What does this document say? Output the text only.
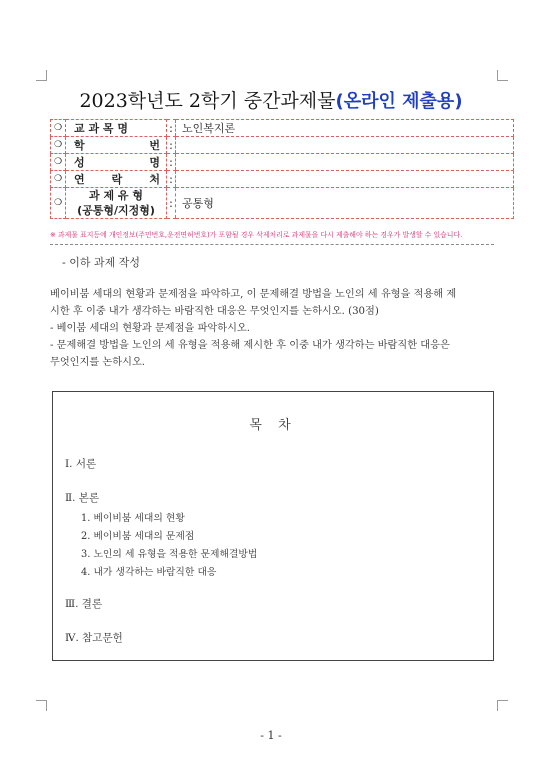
2023학년도 2학기 중간과제물(온라인 제출용)
❍	교 과 목 명	:	노인복지론
❍	학 번	:	
❍	성 명	:	
❍	연 락 처	:	
❍	과 제 유 형
(공통형/지정형)	:	공통형
※ 과제물 표지등에 개인정보(주민번호,운전면허번호)가 포함될 경우 삭제처리로 과제물을 다시 제출해야 하는 경우가 발생할 수 있습니다.
- 이하 과제 작성

베이비붐 세대의 현황과 문제점을 파악하고, 이 문제해결 방법을 노인의 세 유형을 적용해 제

시한 후 이중 내가 생각하는 바람직한 대응은 무엇인지를 논하시오. (30점)

- 베이붐 세대의 현황과 문제점을 파악하시오.

- 문제해결 방법을 노인의 세 유형을 적용해 제시한 후 이중 내가 생각하는 바람직한 대응은

무엇인지를 논하시오.

목 차
Ⅰ. 서론
Ⅱ. 본론
1. 베이비붐 세대의 현황
2. 베이비붐 세대의 문제점
3. 노인의 세 유형을 적용한 문제해결방법
4. 내가 생각하는 바람직한 대응
Ⅲ. 결론
Ⅳ. 참고문헌
- 1 -
